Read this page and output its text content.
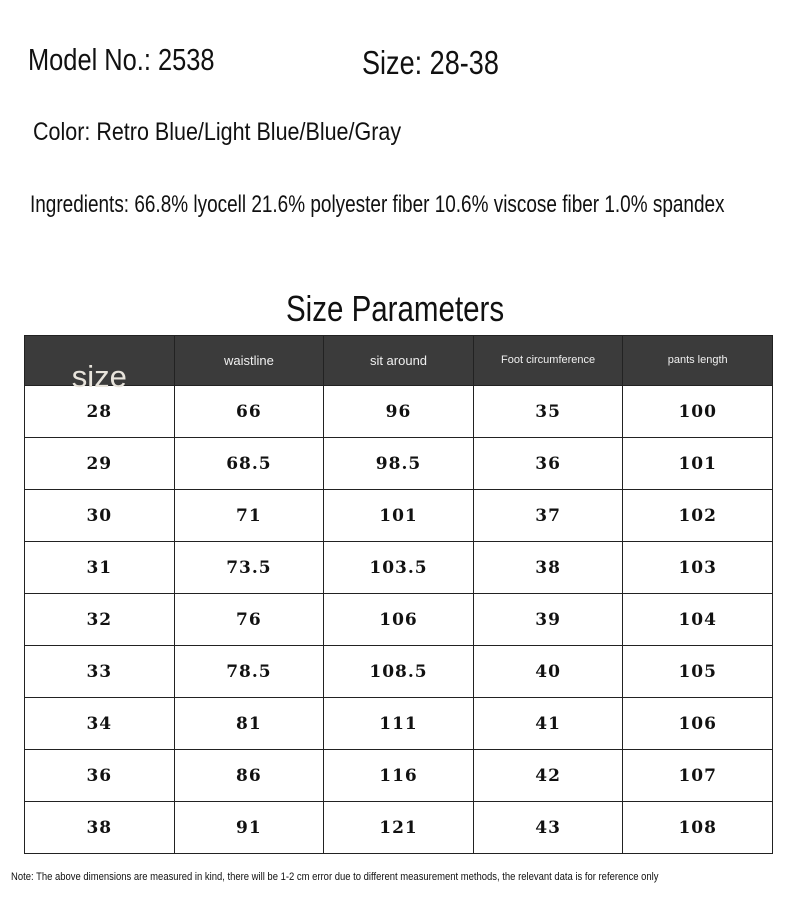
Model No.: 2538	Size: 28-38
Color: Retro Blue/Light Blue/Blue/Gray
Ingredients: 66.8% lyocell 21.6% polyester fiber 10.6% viscose fiber 1.0% spandex
Size Parameters
size	waistline	sit around	Foot circumference	pants length
28	66	96	35	100
29	68.5	98.5	36	101
30	71	101	37	102
31	73.5	103.5	38	103
32	76	106	39	104
33	78.5	108.5	40	105
34	81	111	41	106
36	86	116	42	107
38	91	121	43	108
Note: The above dimensions are measured in kind, there will be 1-2 cm error due to different measurement methods, the relevant data is for reference only
